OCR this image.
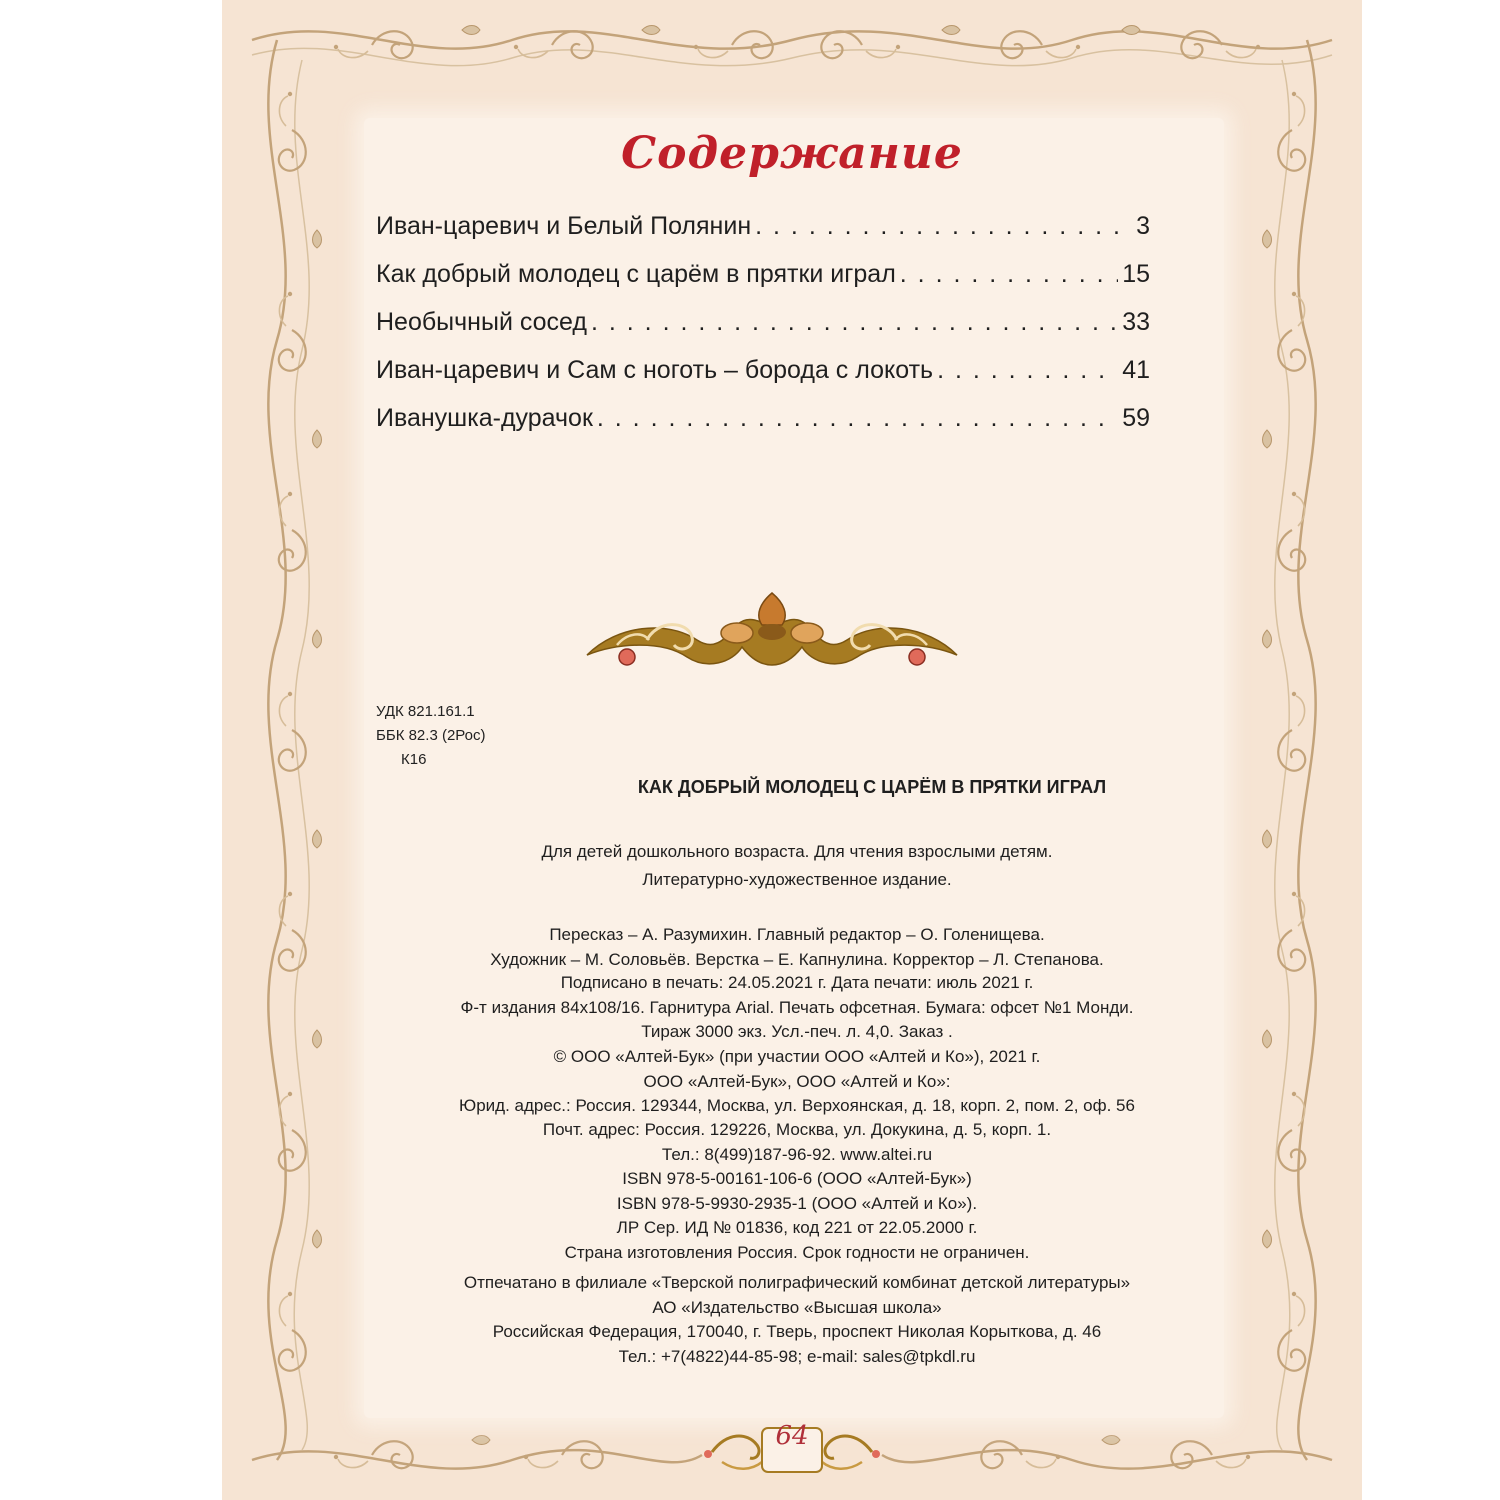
Содержание
Иван-царевич и Белый Полянин . . .	3
Как добрый молодец с царём в прятки играл . . .	15
Необычный сосед . . .	33
Иван-царевич и Сам с ноготь – борода с локоть . . .	41
Иванушка-дурачок . . .	59
УДК 821.161.1
ББК 82.3 (2Рос)
К16
КАК ДОБРЫЙ МОЛОДЕЦ С ЦАРЁМ В ПРЯТКИ ИГРАЛ

Для детей дошкольного возраста. Для чтения взрослыми детям.

Литературно-художественное издание.

Пересказ – А. Разумихин. Главный редактор – О. Голенищева.

Художник – М. Соловьёв. Верстка – Е. Капнулина. Корректор – Л. Степанова.

Подписано в печать: 24.05.2021 г. Дата печати: июль 2021 г.

Ф-т издания 84х108/16. Гарнитура Arial. Печать офсетная. Бумага: офсет №1 Монди.

Тираж 3000 экз. Усл.-печ. л. 4,0. Заказ .

© ООО «Алтей-Бук» (при участии ООО «Алтей и Ко»), 2021 г.

ООО «Алтей-Бук», ООО «Алтей и Ко»:

Юрид. адрес.: Россия. 129344, Москва, ул. Верхоянская, д. 18, корп. 2, пом. 2, оф. 56

Почт. адрес: Россия. 129226, Москва, ул. Докукина, д. 5, корп. 1.

Тел.: 8(499)187-96-92. www.altei.ru

ISBN 978-5-00161-106-6 (ООО «Алтей-Бук»)

ISBN 978-5-9930-2935-1 (ООО «Алтей и Ко»).

ЛР Сер. ИД № 01836, код 221 от 22.05.2000 г.

Страна изготовления Россия. Срок годности не ограничен.

Отпечатано в филиале «Тверской полиграфический комбинат детской литературы»

АО «Издательство «Высшая школа»

Российская Федерация, 170040, г. Тверь, проспект Николая Корыткова, д. 46

Тел.: +7(4822)44-85-98; e-mail: sales@tpkdl.ru

64
